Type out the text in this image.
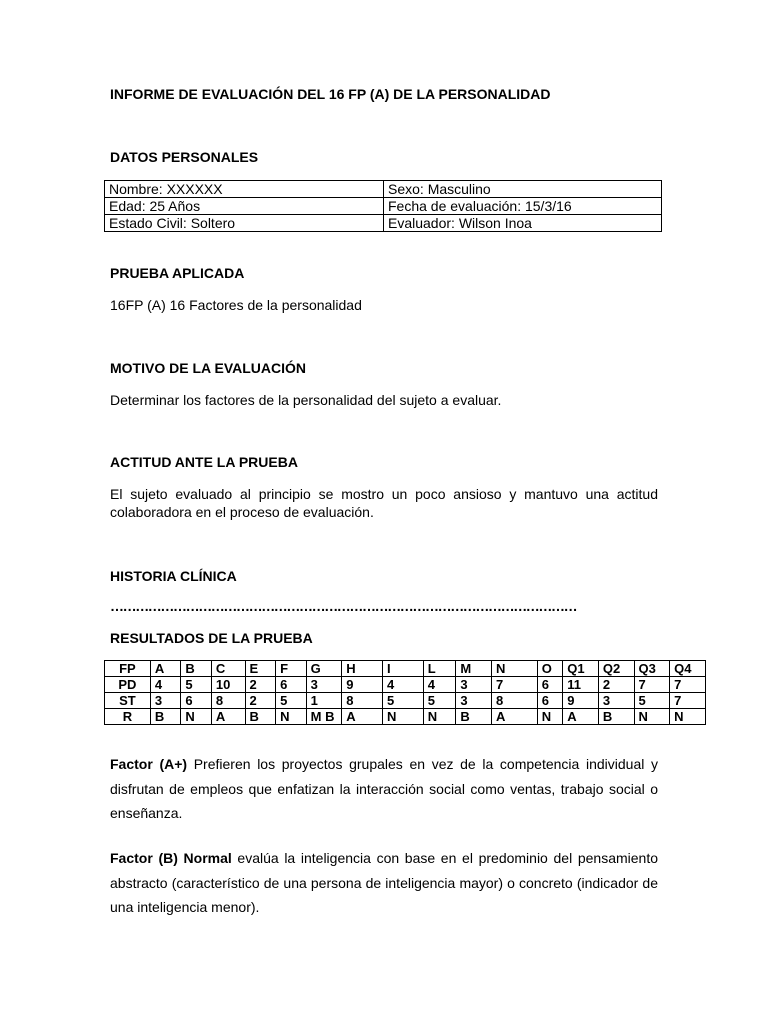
INFORME DE EVALUACIÓN DEL 16 FP (A) DE LA PERSONALIDAD
DATOS PERSONALES
Nombre: XXXXXX	Sexo: Masculino
Edad: 25 Años	Fecha de evaluación: 15/3/16
Estado Civil: Soltero	Evaluador: Wilson Inoa
PRUEBA APLICADA
16FP (A) 16 Factores de la personalidad
MOTIVO DE LA EVALUACIÓN
Determinar los factores de la personalidad del sujeto a evaluar.
ACTITUD ANTE LA PRUEBA
El sujeto evaluado al principio se mostro un poco ansioso y mantuvo una actitud colaboradora en el proceso de evaluación.
HISTORIA CLÍNICA
…………………………………………………………………………………………………
RESULTADOS DE LA PRUEBA
FP	A	B	C	E	F	G	H	I	L	M	N	O	Q1	Q2	Q3	Q4
PD	4	5	10	2	6	3	9	4	4	3	7	6	11	2	7	7
ST	3	6	8	2	5	1	8	5	5	3	8	6	9	3	5	7
R	B	N	A	B	N	M B	A	N	N	B	A	N	A	B	N	N
Factor (A+) Prefieren los proyectos grupales en vez de la competencia individual y disfrutan de empleos que enfatizan la interacción social como ventas, trabajo social o enseñanza.
Factor (B) Normal evalúa la inteligencia con base en el predominio del pensamiento abstracto (característico de una persona de inteligencia mayor) o concreto (indicador de una inteligencia menor).
